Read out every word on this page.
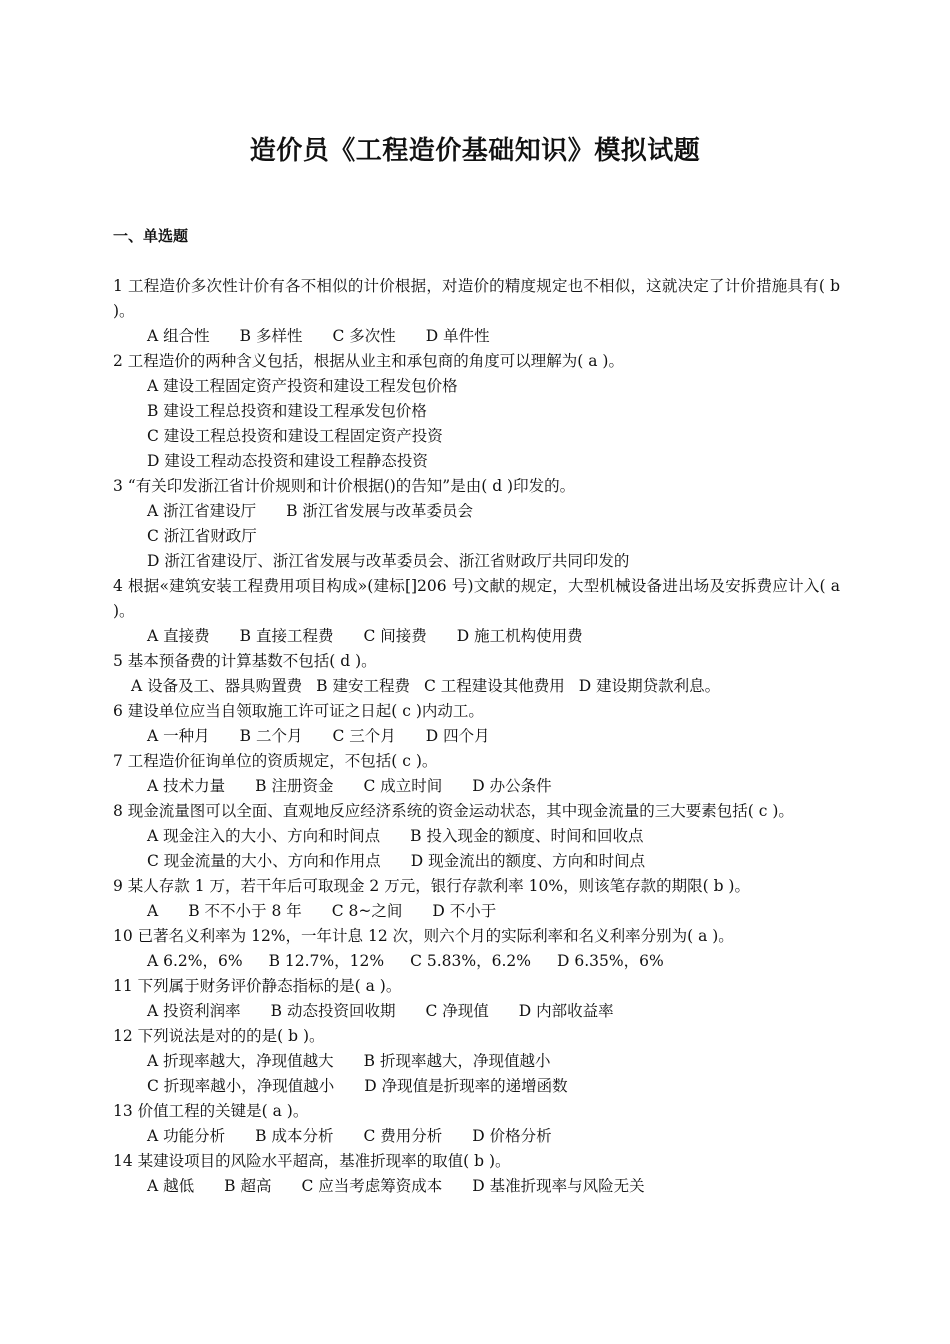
造价员《工程造价基础知识》模拟试题
一、单选题

1 工程造价多次性计价有各不相似的计价根据，对造价的精度规定也不相似，这就决定了计价措施具有( b )。

A 组合性 B 多样性 C 多次性 D 单件性

2 工程造价的两种含义包括，根据从业主和承包商的角度可以理解为( a )。

A 建设工程固定资产投资和建设工程发包价格
B 建设工程总投资和建设工程承发包价格
C 建设工程总投资和建设工程固定资产投资
D 建设工程动态投资和建设工程静态投资

3 “有关印发浙江省计价规则和计价根据()的告知”是由( d )印发的。

A 浙江省建设厅 B 浙江省发展与改革委员会
C 浙江省财政厅
D 浙江省建设厅、浙江省发展与改革委员会、浙江省财政厅共同印发的

4 根据«建筑安装工程费用项目构成»(建标[]206 号)文献的规定，大型机械设备进出场及安拆费应计入( a )。

A 直接费 B 直接工程费 C 间接费 D 施工机构使用费

5 基本预备费的计算基数不包括( d )。

A 设备及工、器具购置费 B 建安工程费 C 工程建设其他费用 D 建设期贷款利息。

6 建设单位应当自领取施工许可证之日起( c )内动工。

A 一种月 B 二个月 C 三个月 D 四个月

7 工程造价征询单位的资质规定，不包括( c )。

A 技术力量 B 注册资金 C 成立时间 D 办公条件

8 现金流量图可以全面、直观地反应经济系统的资金运动状态，其中现金流量的三大要素包括( c )。

A 现金注入的大小、方向和时间点 B 投入现金的额度、时间和回收点
C 现金流量的大小、方向和作用点 D 现金流出的额度、方向和时间点

9 某人存款 1 万，若干年后可取现金 2 万元，银行存款利率 10%，则该笔存款的期限( b )。

A B 不不小于 8 年 C 8~之间 D 不小于

10 已著名义利率为 12%，一年计息 12 次，则六个月的实际利率和名义利率分别为( a )。

A 6.2%，6% B 12.7%，12% C 5.83%，6.2% D 6.35%，6%

11 下列属于财务评价静态指标的是( a )。

A 投资利润率 B 动态投资回收期 C 净现值 D 内部收益率

12 下列说法是对的的是( b )。

A 折现率越大，净现值越大 B 折现率越大，净现值越小
C 折现率越小，净现值越小 D 净现值是折现率的递增函数

13 价值工程的关键是( a )。

A 功能分析 B 成本分析 C 费用分析 D 价格分析

14 某建设项目的风险水平超高，基准折现率的取值( b )。

A 越低 B 超高 C 应当考虑筹资成本 D 基准折现率与风险无关
